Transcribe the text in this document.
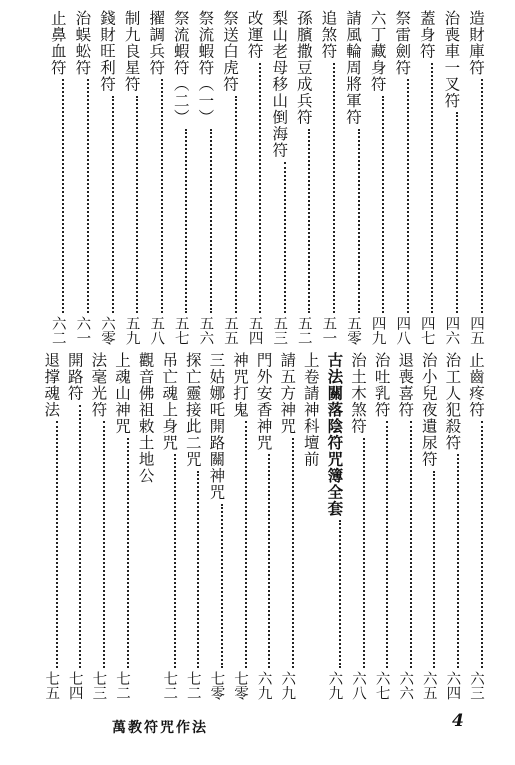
造財庫符
四五
治喪車一叉符
四六
蓋身符
四七
祭雷劍符
四八
六丁藏身符
四九
請風輪周將軍符
五零
追煞符
五一
孫臏撒豆成兵符
五二
梨山老母移山倒海符
五三
改運符
五四
祭送白虎符
五五
祭流蝦符（一）
五六
祭流蝦符（二）
五七
擢調兵符
五八
制九良星符
五九
錢財旺利符
六零
治蜈蚣符
六一
止鼻血符
六二
止齒疼符
六三
治工人犯殺符
六四
治小兒夜遺尿符
六五
退喪喜符
六六
治吐乳符
六七
治土木煞符
六八
古法關落陰符咒簿全套
六九
上卷請神科壇前
請五方神咒
六九
門外安香神咒
六九
神咒打鬼
七零
三姑娜吒開路關神咒
七零
探亡靈接此二咒
七二
吊亡魂上身咒
七二
觀音佛祖敕土地公
上魂山神咒
七二
法毫光符
七三
開路符
七四
退撑魂法
七五
萬教符咒作法	4
